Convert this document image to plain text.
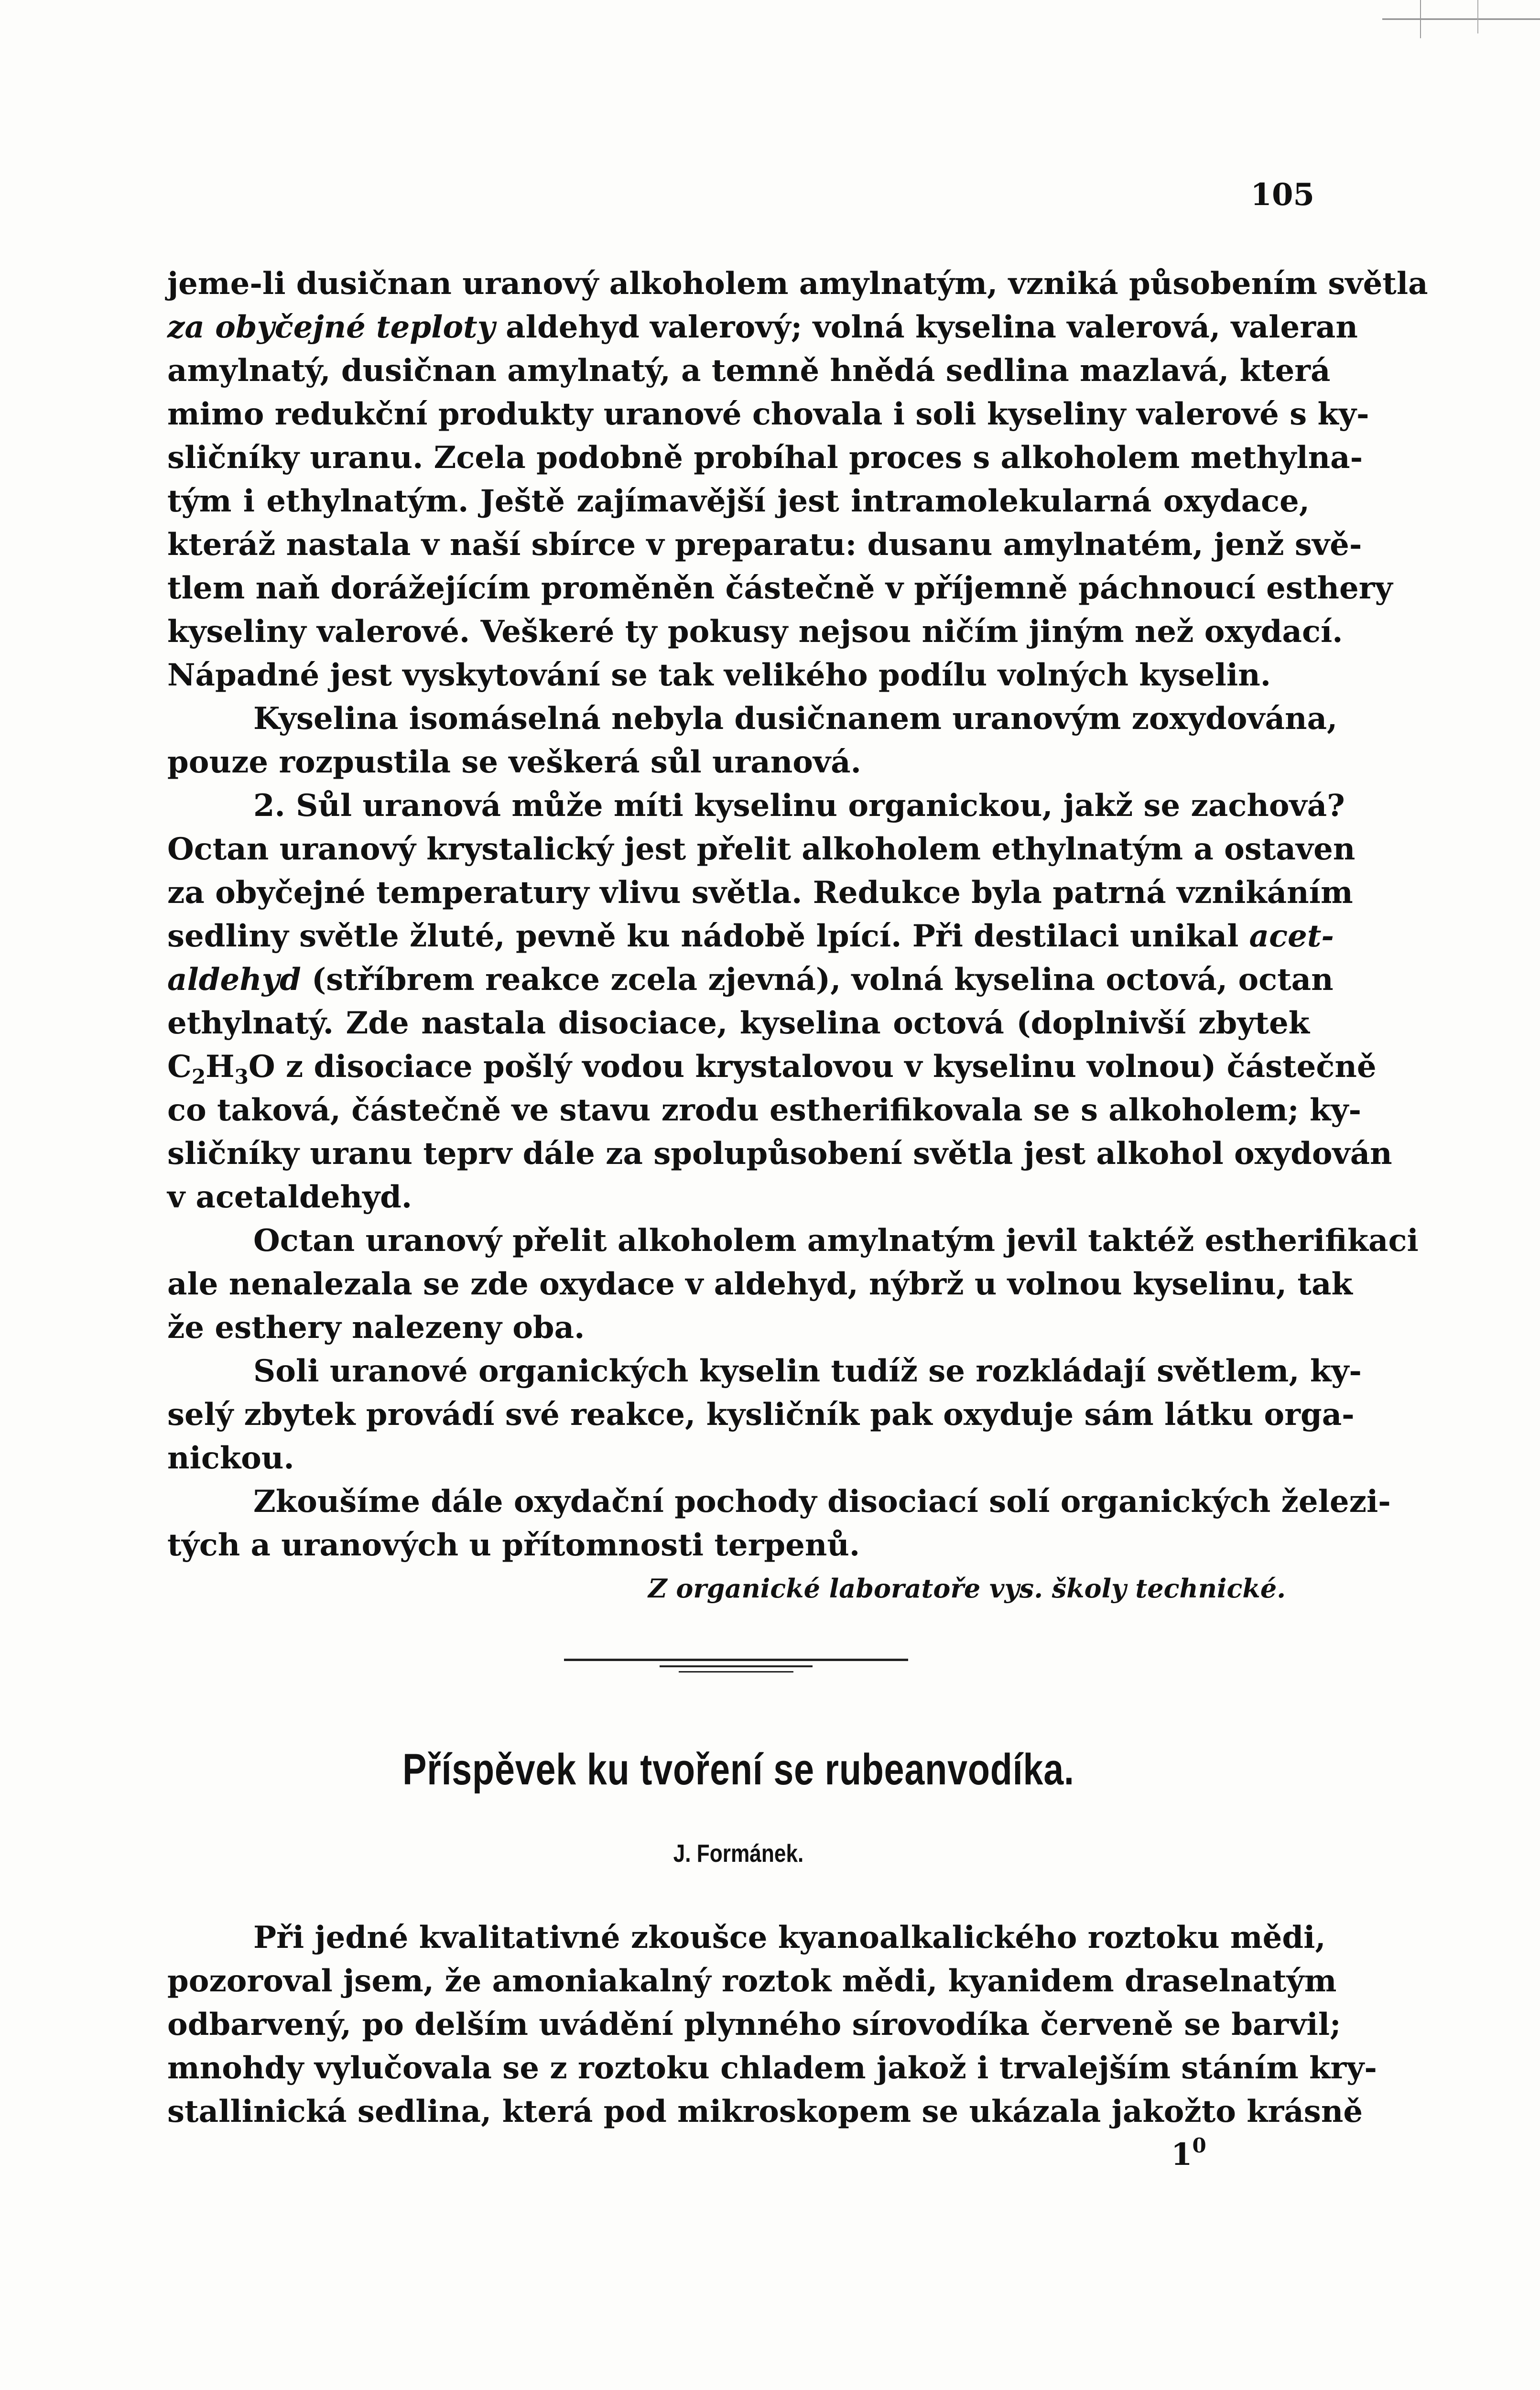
105
jeme-li dusičnan uranový alkoholem amylnatým, vzniká působením světla
za obyčejné teploty aldehyd valerový; volná kyselina valerová, valeran
amylnatý, dusičnan amylnatý, a temně hnědá sedlina mazlavá, která
mimo redukční produkty uranové chovala i soli kyseliny valerové s ky-
sličníky uranu. Zcela podobně probíhal proces s alkoholem methylna-
tým i ethylnatým. Ještě zajímavější jest intramolekularná oxydace,
kteráž nastala v naší sbírce v preparatu: dusanu amylnatém, jenž svě-
tlem naň dorážejícím proměněn částečně v příjemně páchnoucí esthery
kyseliny valerové. Veškeré ty pokusy nejsou ničím jiným než oxydací.
Nápadné jest vyskytování se tak velikého podílu volných kyselin.
Kyselina isomáselná nebyla dusičnanem uranovým zoxydována,
pouze rozpustila se veškerá sůl uranová.
2. Sůl uranová může míti kyselinu organickou, jakž se zachová?
Octan uranový krystalický jest přelit alkoholem ethylnatým a ostaven
za obyčejné temperatury vlivu světla. Redukce byla patrná vznikáním
sedliny světle žluté, pevně ku nádobě lpící. Při destilaci unikal acet-
aldehyd (stříbrem reakce zcela zjevná), volná kyselina octová, octan
ethylnatý. Zde nastala disociace, kyselina octová (doplnivší zbytek
$C_2H_3O$ z disociace pošlý vodou krystalovou v kyselinu volnou) částečně
co taková, částečně ve stavu zrodu estherifikovala se s alkoholem; ky-
sličníky uranu teprv dále za spolupůsobení světla jest alkohol oxydován
v acetaldehyd.
Octan uranový přelit alkoholem amylnatým jevil taktéž estherifikaci
ale nenalezala se zde oxydace v aldehyd, nýbrž u volnou kyselinu, tak
že esthery nalezeny oba.
Soli uranové organických kyselin tudíž se rozkládají světlem, ky-
selý zbytek provádí své reakce, kysličník pak oxyduje sám látku orga-
nickou.
Zkoušíme dále oxydační pochody disociací solí organických železi-
tých a uranových u přítomnosti terpenů.
Z organické laboratoře vys. školy technické.
Příspěvek ku tvoření se rubeanvodíka.
J. Formánek.
Při jedné kvalitativné zkoušce kyanoalkalického roztoku mědi,
pozoroval jsem, že amoniakalný roztok mědi, kyanidem draselnatým
odbarvený, po delším uvádění plynného sírovodíka červeně se barvil;
mnohdy vylučovala se z roztoku chladem jakož i trvalejším stáním kry-
stallinická sedlina, která pod mikroskopem se ukázala jakožto krásně
$1^0$
